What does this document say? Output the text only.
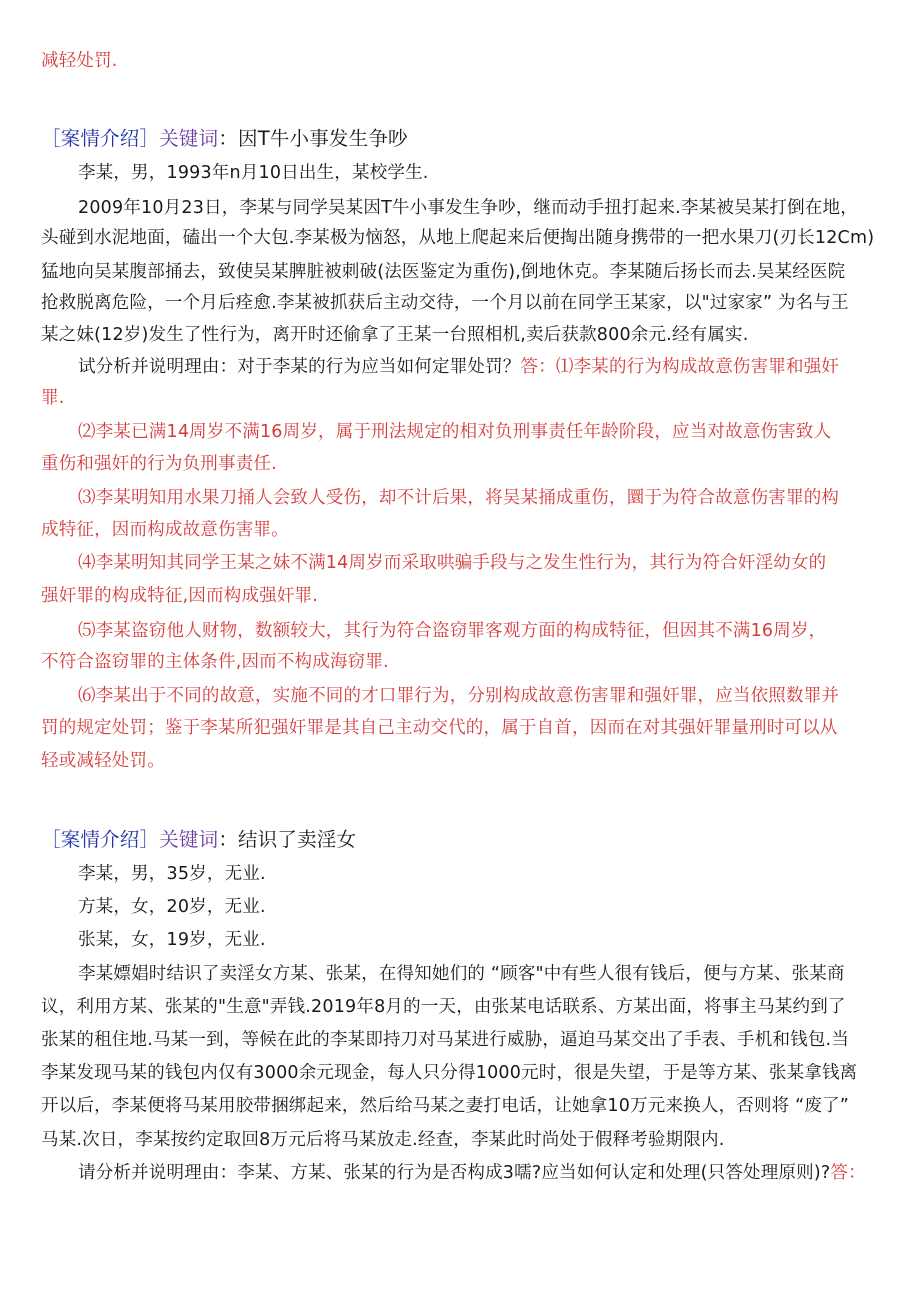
减轻处罚.
［案情介绍］关键词：因T牛小事发生争吵
李某，男，1993年n月10日出生，某校学生.
2009年10月23日，李某与同学吴某因T牛小事发生争吵，继而动手扭打起来.李某被吴某打倒在地，
头碰到水泥地面，磕出一个大包.李某极为恼怒，从地上爬起来后便掏出随身携带的一把水果刀(刃长12Cm)
猛地向吴某腹部捅去，致使吴某脾脏被刺破(法医鉴定为重伤),倒地休克。李某随后扬长而去.吴某经医院
抢救脱离危险，一个月后痊愈.李某被抓获后主动交待，一个月以前在同学王某家，以"过家家” 为名与王
某之妹(12岁)发生了性行为，离开时还偷拿了王某一台照相机,卖后获款800余元.经有属实.
试分析并说明理由：对于李某的行为应当如何定罪处罚？答：⑴李某的行为构成故意伤害罪和强奸
罪.
⑵李某已满14周岁不满16周岁，属于刑法规定的相对负刑事责任年龄阶段，应当对故意伤害致人
重伤和强奸的行为负刑事责任.
⑶李某明知用水果刀捅人会致人受伤，却不计后果，将吴某捅成重伤，圜于为符合故意伤害罪的构
成特征，因而构成故意伤害罪。
⑷李某明知其同学王某之妹不满14周岁而采取哄骗手段与之发生性行为，其行为符合奸淫幼女的
强奸罪的构成特征,因而构成强奸罪.
⑸李某盗窃他人财物，数额较大，其行为符合盗窃罪客观方面的构成特征，但因其不满16周岁，
不符合盗窃罪的主体条件,因而不构成海窃罪.
⑹李某出于不同的故意，实施不同的才口罪行为，分别构成故意伤害罪和强奸罪，应当依照数罪并
罚的规定处罚；鉴于李某所犯强奸罪是其自己主动交代的，属于自首，因而在对其强奸罪量刑时可以从
轻或减轻处罚。
［案情介绍］关键词：结识了卖淫女
李某，男，35岁，无业.
方某，女，20岁，无业.
张某，女，19岁，无业.
李某嫖娼时结识了卖淫女方某、张某，在得知她们的 “顾客"中有些人很有钱后，便与方某、张某商
议，利用方某、张某的"生意"弄钱.2019年8月的一天，由张某电话联系、方某出面，将事主马某约到了
张某的租住地.马某一到，等候在此的李某即持刀对马某进行威胁，逼迫马某交出了手表、手机和钱包.当
李某发现马某的钱包内仅有3000余元现金，每人只分得1000元时，很是失望，于是等方某、张某拿钱离
开以后，李某便将马某用胶带捆绑起来，然后给马某之妻打电话，让她拿10万元来换人，否则将 “废了”
马某.次日，李某按约定取回8万元后将马某放走.经查，李某此时尚处于假释考验期限内.
请分析并说明理由：李某、方某、张某的行为是否构成3嚅?应当如何认定和处理(只答处理原则)?答：
